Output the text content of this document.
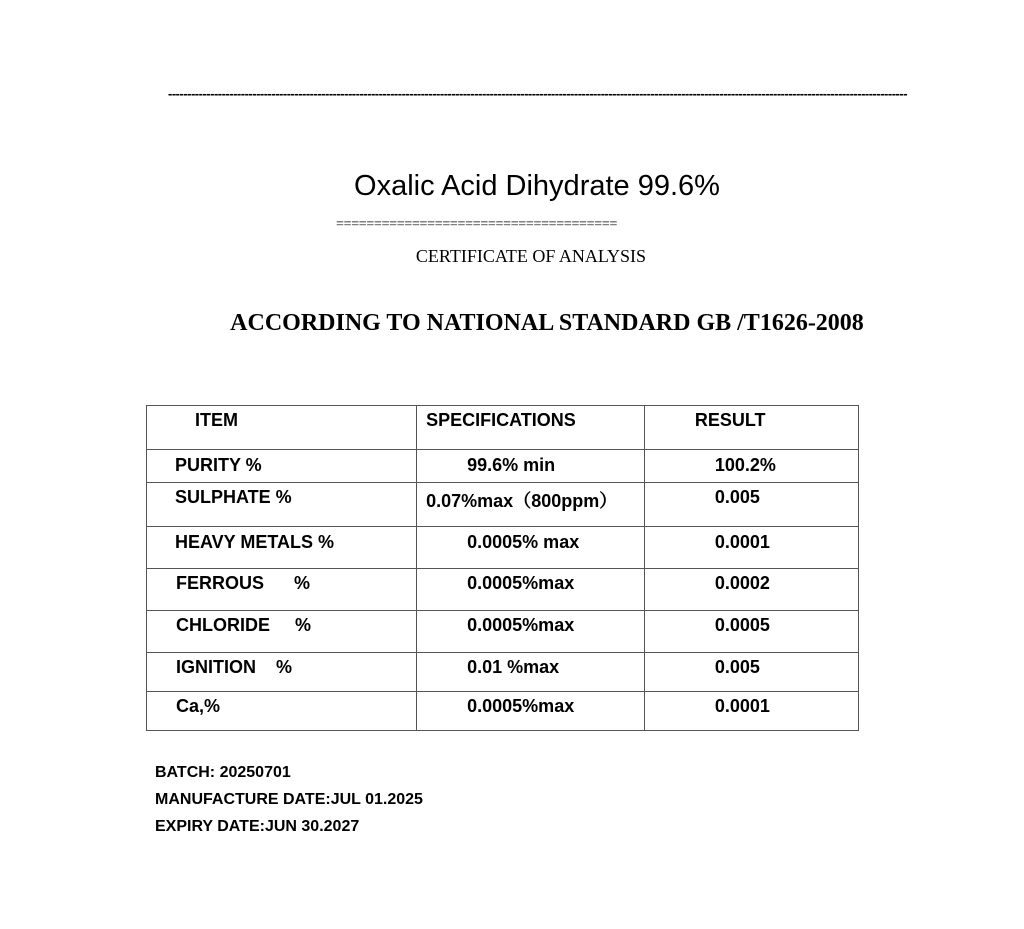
-------------------------------------------------------------------------------------------------------------------------------------------------------------------------------------------------
Oxalic Acid Dihydrate 99.6%
=====================================
CERTIFICATE OF ANALYSIS
ACCORDING TO NATIONAL STANDARD GB /T1626-2008
ITEM	SPECIFICATIONS	RESULT

PURITY %	99.6% min	100.2%

SULPHATE %	0.07%max（800ppm）	0.005

HEAVY METALS %	0.0005% max	0.0001

FERROUS      %	0.0005%max	0.0002

CHLORIDE     %	0.0005%max	0.0005

IGNITION    %	0.01 %max	0.005

Ca,%	0.0005%max	0.0001
BATCH: 20250701
MANUFACTURE DATE:JUL 01.2025
EXPIRY DATE:JUN 30.2027
